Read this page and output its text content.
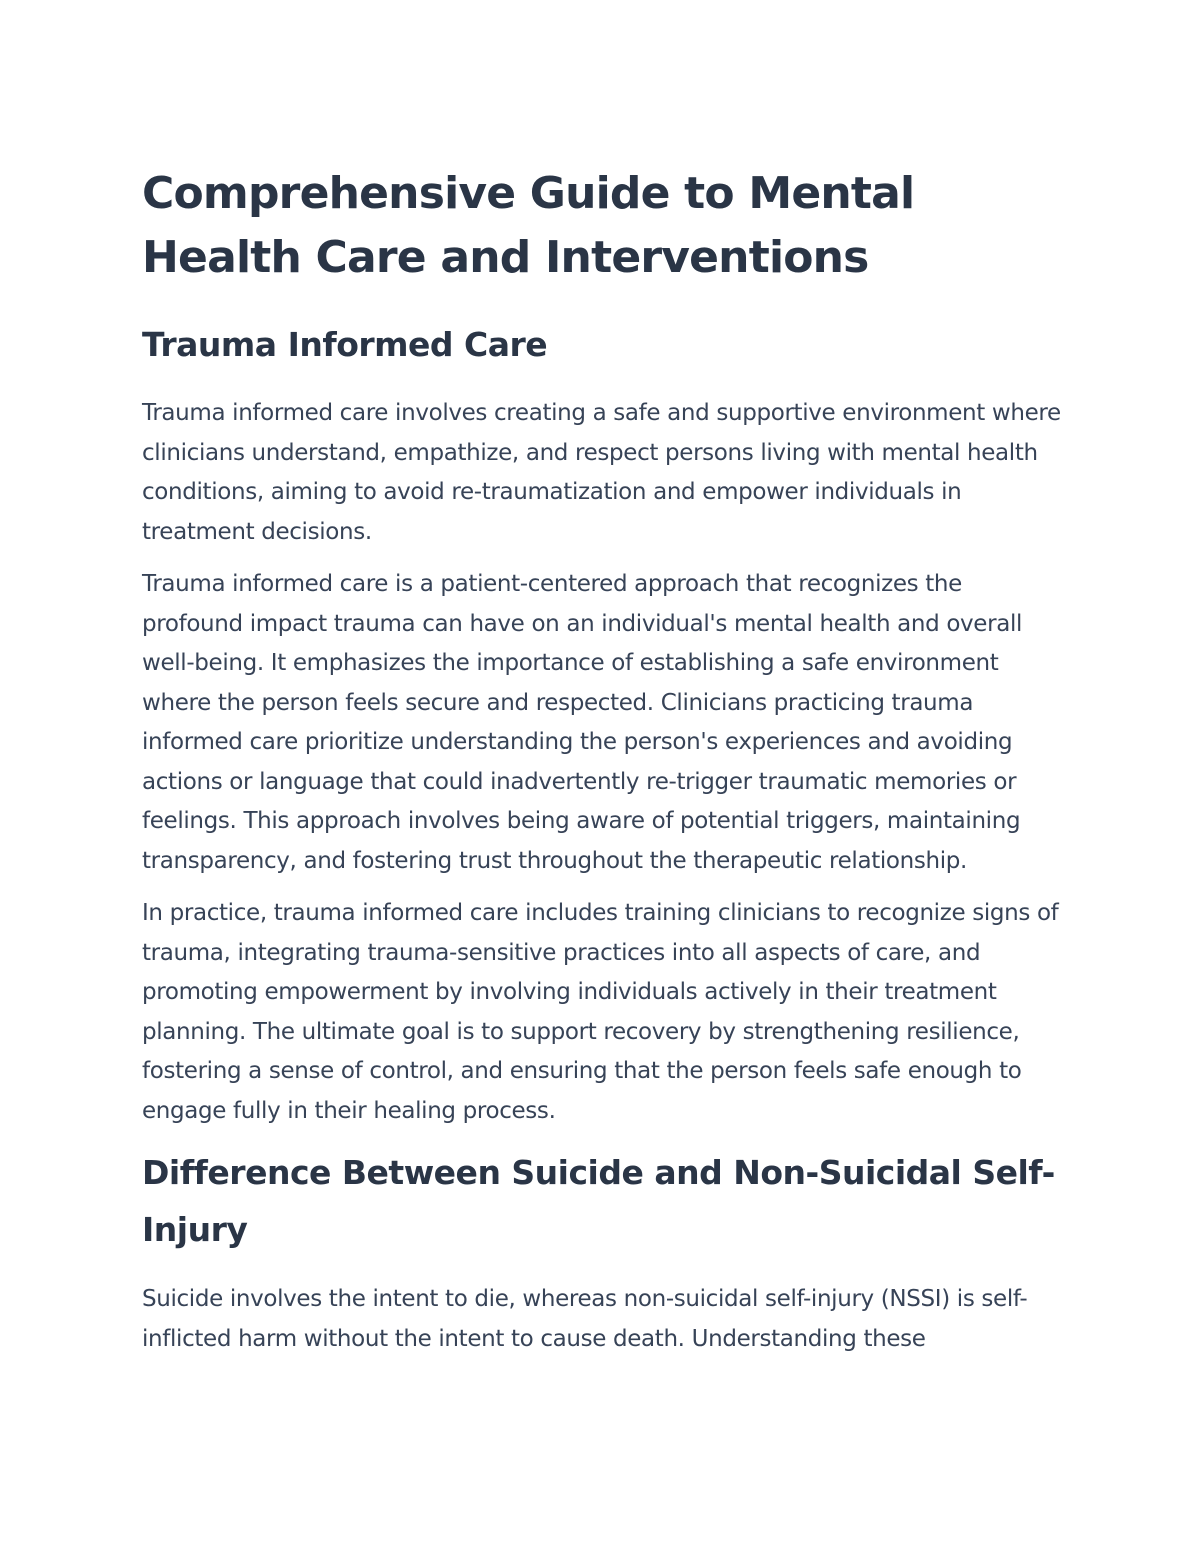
Comprehensive Guide to Mental Health Care and Interventions
Trauma Informed Care

Trauma informed care involves creating a safe and supportive environment where clinicians understand, empathize, and respect persons living with mental health conditions, aiming to avoid re-traumatization and empower individuals in treatment decisions.

Trauma informed care is a patient-centered approach that recognizes the profound impact trauma can have on an individual's mental health and overall well-being. It emphasizes the importance of establishing a safe environment where the person feels secure and respected. Clinicians practicing trauma informed care prioritize understanding the person's experiences and avoiding actions or language that could inadvertently re-trigger traumatic memories or feelings. This approach involves being aware of potential triggers, maintaining transparency, and fostering trust throughout the therapeutic relationship.

In practice, trauma informed care includes training clinicians to recognize signs of trauma, integrating trauma-sensitive practices into all aspects of care, and promoting empowerment by involving individuals actively in their treatment planning. The ultimate goal is to support recovery by strengthening resilience, fostering a sense of control, and ensuring that the person feels safe enough to engage fully in their healing process.

Difference Between Suicide and Non-Suicidal Self-Injury

Suicide involves the intent to die, whereas non-suicidal self-injury (NSSI) is self-inflicted harm without the intent to cause death. Understanding these
